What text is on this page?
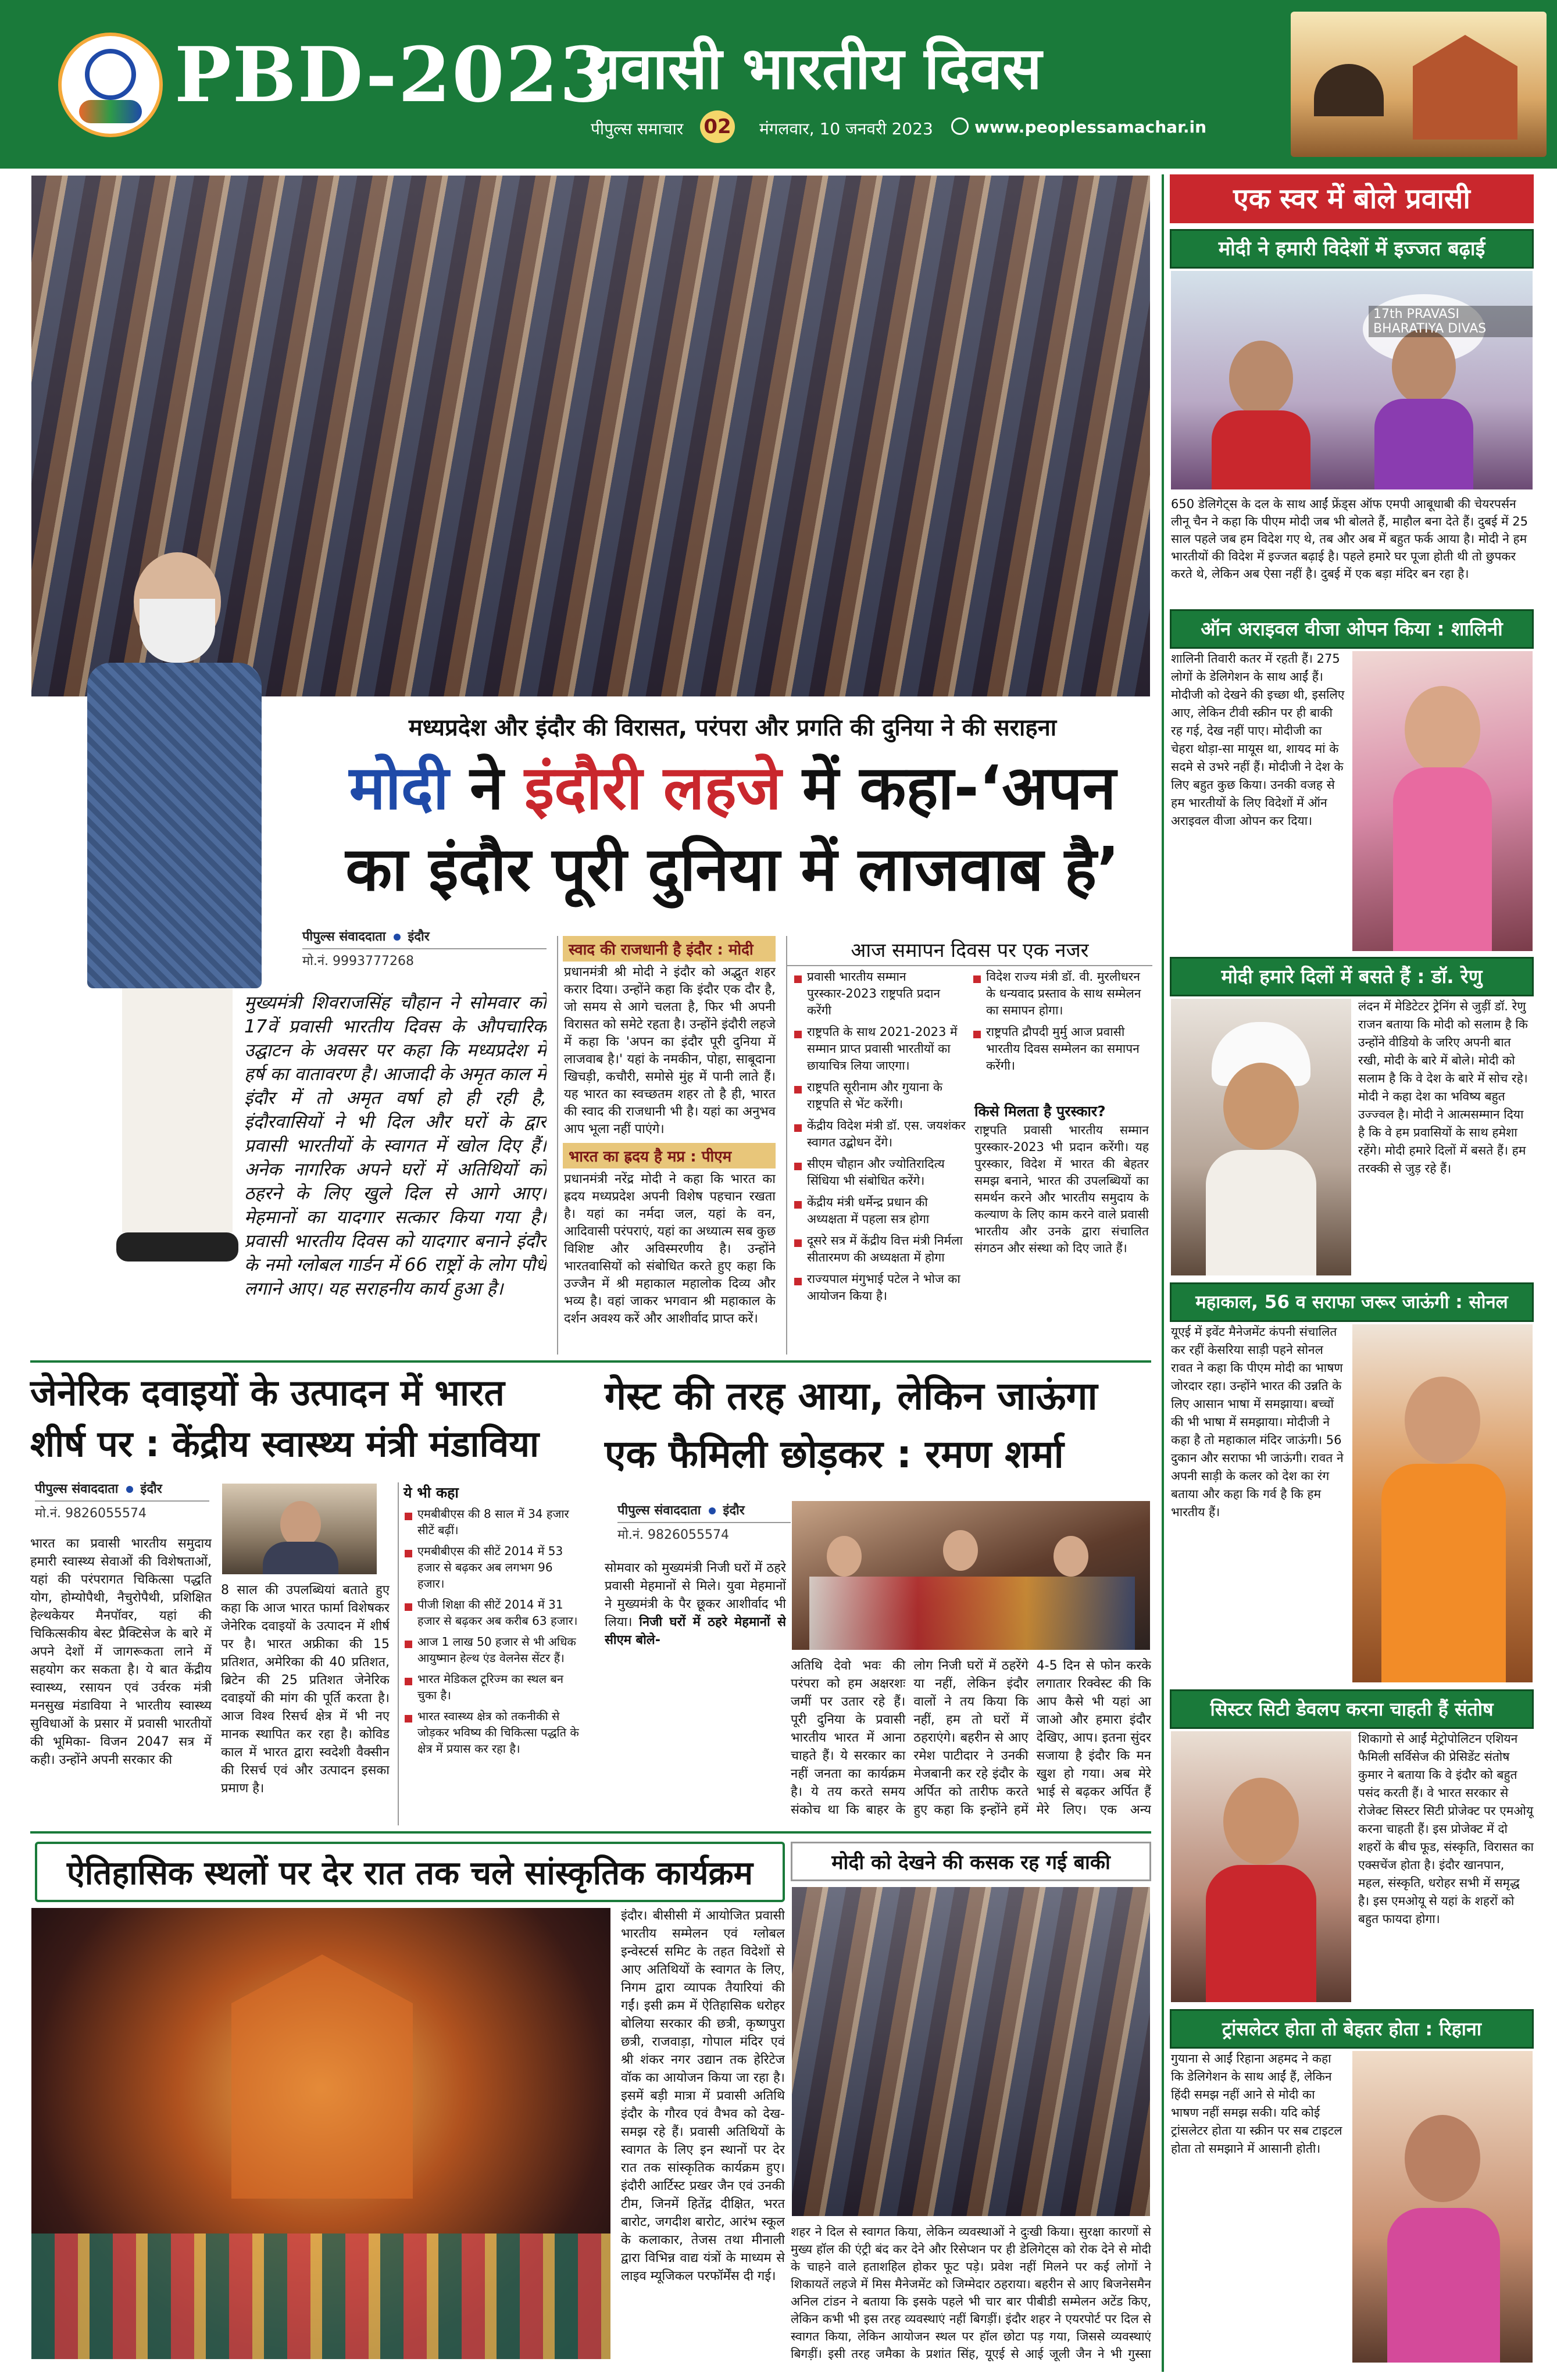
PBD-2023
प्रवासी भारतीय दिवस
पीपुल्स समाचार 02 मंगलवार, 10 जनवरी 2023	www.peoplessamachar.in
मध्यप्रदेश और इंदौर की विरासत, परंपरा और प्रगति की दुनिया ने की सराहना
मोदी ने इंदौरी लहजे में कहा-‘अपन
का इंदौर पूरी दुनिया में लाजवाब है’
पीपुल्स संवाददाता इंदौर
मो.नं. 9993777268
मुख्यमंत्री शिवराजसिंह चौहान ने सोमवार को 17वें प्रवासी भारतीय दिवस के औपचारिक उद्घाटन के अवसर पर कहा कि मध्यप्रदेश में हर्ष का वातावरण है। आजादी के अमृत काल में इंदौर में तो अमृत वर्षा हो ही रही है, इंदौरवासियों ने भी दिल और घरों के द्वार प्रवासी भारतीयों के स्वागत में खोल दिए हैं। अनेक नागरिक अपने घरों में अतिथियों को ठहरने के लिए खुले दिल से आगे आए। मेहमानों का यादगार सत्कार किया गया है। प्रवासी भारतीय दिवस को यादगार बनाने इंदौर के नमो ग्लोबल गार्डन में 66 राष्ट्रों के लोग पौधे लगाने आए। यह सराहनीय कार्य हुआ है।
स्वाद की राजधानी है इंदौर : मोदी
प्रधानमंत्री श्री मोदी ने इंदौर को अद्भुत शहर करार दिया। उन्होंने कहा कि इंदौर एक दौर है, जो समय से आगे चलता है, फिर भी अपनी विरासत को समेटे रहता है। उन्होंने इंदौरी लहजे में कहा कि 'अपन का इंदौर पूरी दुनिया में लाजवाब है।' यहां के नमकीन, पोहा, साबूदाना खिचड़ी, कचौरी, समोसे मुंह में पानी लाते हैं। यह भारत का स्वच्छतम शहर तो है ही, भारत की स्वाद की राजधानी भी है। यहां का अनुभव आप भूला नहीं पाएंगे।
भारत का ह्रदय है मप्र : पीएम
प्रधानमंत्री नरेंद्र मोदी ने कहा कि भारत का ह्रदय मध्यप्रदेश अपनी विशेष पहचान रखता है। यहां का नर्मदा जल, यहां के वन, आदिवासी परंपराएं, यहां का अध्यात्म सब कुछ विशिष्ट और अविस्मरणीय है। उन्होंने भारतवासियों को संबोधित करते हुए कहा कि उज्जैन में श्री महाकाल महालोक दिव्य और भव्य है। वहां जाकर भगवान श्री महाकाल के दर्शन अवश्य करें और आशीर्वाद प्राप्त करें।
आज समापन दिवस पर एक नजर
प्रवासी भारतीय सम्मान पुरस्कार-2023 राष्ट्रपति प्रदान करेंगी
राष्ट्रपति के साथ 2021-2023 में सम्मान प्राप्त प्रवासी भारतीयों का छायाचित्र लिया जाएगा।
राष्ट्रपति सूरीनाम और गुयाना के राष्ट्रपति से भेंट करेंगी।
केंद्रीय विदेश मंत्री डॉ. एस. जयशंकर स्वागत उद्बोधन देंगे।
सीएम चौहान और ज्योतिरादित्य सिंधिया भी संबोधित करेंगे।
केंद्रीय मंत्री धर्मेन्द्र प्रधान की अध्यक्षता में पहला सत्र होगा
दूसरे सत्र में केंद्रीय वित्त मंत्री निर्मला सीतारमण की अध्यक्षता में होगा
राज्यपाल मंगुभाई पटेल ने भोज का आयोजन किया है।
विदेश राज्य मंत्री डॉ. वी. मुरलीधरन के धन्यवाद प्रस्ताव के साथ सम्मेलन का समापन होगा।
राष्ट्रपति द्रौपदी मुर्मु आज प्रवासी भारतीय दिवस सम्मेलन का समापन करेंगी।
किसे मिलता है पुरस्कार?
राष्ट्रपति प्रवासी भारतीय सम्मान पुरस्कार-2023 भी प्रदान करेंगी। यह पुरस्कार, विदेश में भारत की बेहतर समझ बनाने, भारत की उपलब्धियों का समर्थन करने और भारतीय समुदाय के कल्याण के लिए काम करने वाले प्रवासी भारतीय और उनके द्वारा संचालित संगठन और संस्था को दिए जाते हैं।
जेनेरिक दवाइयों के उत्पादन में भारत
शीर्ष पर : केंद्रीय स्वास्थ्य मंत्री मंडाविया
पीपुल्स संवाददाता इंदौर
मो.नं. 9826055574
भारत का प्रवासी भारतीय समुदाय हमारी स्वास्थ्य सेवाओं की विशेषताओं, यहां की परंपरागत चिकित्सा पद्धति योग, होम्योपैथी, नैचुरोपैथी, प्रशिक्षित हेल्थकेयर मैनपॉवर, यहां की चिकित्सकीय बेस्ट प्रैक्टिसेज के बारे में अपने देशों में जागरूकता लाने में सहयोग कर सकता है। ये बात केंद्रीय स्वास्थ्य, रसायन एवं उर्वरक मंत्री मनसुख मंडाविया ने भारतीय स्वास्थ्य सुविधाओं के प्रसार में प्रवासी भारतीयों की भूमिका- विजन 2047 सत्र में कही। उन्होंने अपनी सरकार की
8 साल की उपलब्धियां बताते हुए कहा कि आज भारत फार्मा विशेषकर जेनेरिक दवाइयों के उत्पादन में शीर्ष पर है। भारत अफ्रीका की 15 प्रतिशत, अमेरिका की 40 प्रतिशत, ब्रिटेन की 25 प्रतिशत जेनेरिक दवाइयों की मांग की पूर्ति करता है। आज विश्व रिसर्च क्षेत्र में भी नए मानक स्थापित कर रहा है। कोविड काल में भारत द्वारा स्वदेशी वैक्सीन की रिसर्च एवं और उत्पादन इसका प्रमाण है।
ये भी कहा
एमबीबीएस की 8 साल में 34 हजार सीटें बढ़ीं।
एमबीबीएस की सीटें 2014 में 53 हजार से बढ़कर अब लगभग 96 हजार।
पीजी शिक्षा की सीटें 2014 में 31 हजार से बढ़कर अब करीब 63 हजार।
आज 1 लाख 50 हजार से भी अधिक आयुष्मान हेल्थ एंड वेलनेस सेंटर हैं।
भारत मेडिकल टूरिज्म का स्थल बन चुका है।
भारत स्वास्थ्य क्षेत्र को तकनीकी से जोड़कर भविष्य की चिकित्सा पद्धति के क्षेत्र में प्रयास कर रहा है।
गेस्ट की तरह आया, लेकिन जाऊंगा
एक फैमिली छोड़कर : रमण शर्मा
पीपुल्स संवाददाता इंदौर
मो.नं. 9826055574
सोमवार को मुख्यमंत्री निजी घरों में ठहरे प्रवासी मेहमानों से मिले। युवा मेहमानों ने मुख्यमंत्री के पैर छूकर आशीर्वाद भी लिया। निजी घरों में ठहरे मेहमानों से सीएम बोले-
अतिथि देवो भवः की परंपरा को हम अक्षरशः जमीं पर उतार रहे हैं। पूरी दुनिया के प्रवासी भारतीय भारत में आना चाहते हैं। ये सरकार का नहीं जनता का कार्यक्रम है। ये तय करते समय संकोच था कि बाहर के लोग निजी घरों में ठहरेंगे या नहीं, लेकिन इंदौर वालों ने तय किया कि नहीं, हम तो घरों में ठहराएंगे। बहरीन से आए रमेश पाटीदार ने उनकी मेजबानी कर रहे इंदौर के अर्पित को तारीफ करते हुए कहा कि इन्होंने हमें 4-5 दिन से फोन करके लगातार रिक्वेस्ट की कि आप कैसे भी यहां आ जाओ और हमारा इंदौर देखिए, आप। इतना सुंदर सजाया है इंदौर कि मन खुश हो गया। अब मेरे भाई से बढ़कर अर्पित हैं मेरे लिए। एक अन्य
ऐतिहासिक स्थलों पर देर रात तक चले सांस्कृतिक कार्यक्रम
इंदौर। बीसीसी में आयोजित प्रवासी भारतीय सम्मेलन एवं ग्लोबल इन्वेस्टर्स समिट के तहत विदेशों से आए अतिथियों के स्वागत के लिए, निगम द्वारा व्यापक तैयारियां की गईं। इसी क्रम में ऐतिहासिक धरोहर बोलिया सरकार की छत्री, कृष्णपुरा छत्री, राजवाड़ा, गोपाल मंदिर एवं श्री शंकर नगर उद्यान तक हेरिटेज वॉक का आयोजन किया जा रहा है। इसमें बड़ी मात्रा में प्रवासी अतिथि इंदौर के गौरव एवं वैभव को देख-समझ रहे हैं। प्रवासी अतिथियों के स्वागत के लिए इन स्थानों पर देर रात तक सांस्कृतिक कार्यक्रम हुए। इंदौरी आर्टिस्ट प्रखर जैन एवं उनकी टीम, जिनमें हितेंद्र दीक्षित, भरत बारोट, जगदीश बारोट, आरंभ स्कूल के कलाकार, तेजस तथा मीनाली द्वारा विभिन्न वाद्य यंत्रों के माध्यम से लाइव म्यूजिकल परफॉर्मेंस दी गई।
मोदी को देखने की कसक रह गई बाकी
शहर ने दिल से स्वागत किया, लेकिन व्यवस्थाओं ने दुःखी किया। सुरक्षा कारणों से मुख्य हॉल की एंट्री बंद कर देने और रिसेप्शन पर ही डेलिगेट्स को रोक देने से मोदी के चाहने वाले हताशहिल होकर फूट पड़े। प्रवेश नहीं मिलने पर कई लोगों ने शिकायतें लहजे में मिस मैनेजमेंट को जिम्मेदार ठहराया। बहरीन से आए बिजनेसमैन अनिल टांडन ने बताया कि इसके पहले भी चार बार पीबीडी सम्मेलन अटेंड किए, लेकिन कभी भी इस तरह व्यवस्थाएं नहीं बिगड़ीं। इंदौर शहर ने एयरपोर्ट पर दिल से स्वागत किया, लेकिन आयोजन स्थल पर हॉल छोटा पड़ गया, जिससे व्यवस्थाएं बिगड़ीं। इसी तरह जमैका के प्रशांत सिंह, यूएई से आई जूली जैन ने भी गुस्सा
एक स्वर में बोले प्रवासी
मोदी ने हमारी विदेशों में इज्जत बढ़ाई
17th PRAVASI BHARATIYA DIVAS
650 डेलिगेट्स के दल के साथ आईं फ्रेंड्स ऑफ एमपी आबूधाबी की चेयरपर्सन लीनू चैन ने कहा कि पीएम मोदी जब भी बोलते हैं, माहौल बना देते हैं। दुबई में 25 साल पहले जब हम विदेश गए थे, तब और अब में बहुत फर्क आया है। मोदी ने हम भारतीयों की विदेश में इज्जत बढ़ाई है। पहले हमारे घर पूजा होती थी तो छुपकर करते थे, लेकिन अब ऐसा नहीं है। दुबई में एक बड़ा मंदिर बन रहा है।
ऑन अराइवल वीजा ओपन किया : शालिनी
शालिनी तिवारी कतर में रहती हैं। 275 लोगों के डेलिगेशन के साथ आईं हैं। मोदीजी को देखने की इच्छा थी, इसलिए आए, लेकिन टीवी स्क्रीन पर ही बाकी रह गई, देख नहीं पाए। मोदीजी का चेहरा थोड़ा-सा मायूस था, शायद मां के सदमे से उभरे नहीं हैं। मोदीजी ने देश के लिए बहुत कुछ किया। उनकी वजह से हम भारतीयों के लिए विदेशों में ऑन अराइवल वीजा ओपन कर दिया।
मोदी हमारे दिलों में बसते हैं : डॉ. रेणु
लंदन में मेडिटेटर ट्रेनिंग से जुड़ीं डॉ. रेणु राजन बताया कि मोदी को सलाम है कि उन्होंने वीडियो के जरिए अपनी बात रखी, मोदी के बारे में बोले। मोदी को सलाम है कि वे देश के बारे में सोच रहे। मोदी ने कहा देश का भविष्य बहुत उज्ज्वल है। मोदी ने आत्मसम्मान दिया है कि वे हम प्रवासियों के साथ हमेशा रहेंगे। मोदी हमारे दिलों में बसते हैं। हम तरक्की से जुड़ रहे हैं।
महाकाल, 56 व सराफा जरूर जाऊंगी : सोनल
यूएई में इवेंट मैनेजमेंट कंपनी संचालित कर रहीं केसरिया साड़ी पहने सोनल रावत ने कहा कि पीएम मोदी का भाषण जोरदार रहा। उन्होंने भारत की उन्नति के लिए आसान भाषा में समझाया। बच्चों की भी भाषा में समझाया। मोदीजी ने कहा है तो महाकाल मंदिर जाऊंगी। 56 दुकान और सराफा भी जाऊंगी। रावत ने अपनी साड़ी के कलर को देश का रंग बताया और कहा कि गर्व है कि हम भारतीय हैं।
सिस्टर सिटी डेवलप करना चाहती हैं संतोष
शिकागो से आईं मेट्रोपोलिटन एशियन फैमिली सर्विसेज की प्रेसिडेंट संतोष कुमार ने बताया कि वे इंदौर को बहुत पसंद करती हैं। वे भारत सरकार से रोजेक्ट सिस्टर सिटी प्रोजेक्ट पर एमओयू करना चाहती हैं। इस प्रोजेक्ट में दो शहरों के बीच फूड, संस्कृति, विरासत का एक्सचेंज होता है। इंदौर खानपान, महल, संस्कृति, धरोहर सभी में समृद्ध है। इस एमओयू से यहां के शहरों को बहुत फायदा होगा।
ट्रांसलेटर होता तो बेहतर होता : रिहाना
गुयाना से आईं रिहाना अहमद ने कहा कि डेलिगेशन के साथ आईं हैं, लेकिन हिंदी समझ नहीं आने से मोदी का भाषण नहीं समझ सकी। यदि कोई ट्रांसलेटर होता या स्क्रीन पर सब टाइटल होता तो समझाने में आसानी होती।
